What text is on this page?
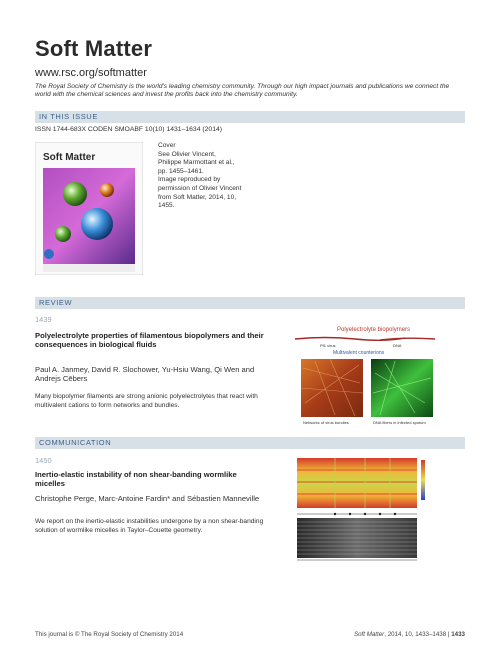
Soft Matter
www.rsc.org/softmatter
The Royal Society of Chemistry is the world's leading chemistry community. Through our high impact journals and publications we connect the world with the chemical sciences and invest the profits back into the chemistry community.
IN THIS ISSUE
ISSN 1744-683X CODEN SMOABF 10(10) 1431–1634 (2014)
Soft Matter
Cover
See Olivier Vincent,
Philippe Marmottant et al.,
pp. 1455–1461.
Image reproduced by
permission of Olivier Vincent
from Soft Matter, 2014, 10,
1455.
REVIEW
1439
Polyelectrolyte properties of filamentous biopolymers and their consequences in biological fluids
Paul A. Janmey, David R. Slochower, Yu-Hsiu Wang, Qi Wen and Andrejs Cēbers
Many biopolymer filaments are strong anionic polyelectrolytes that react with multivalent cations to form networks and bundles.
Polyelectrolyte biopolymers
Pf1 virus	DNA
Multivalent counterions
Networks of virus bundles	DNA fibers in infected sputum
COMMUNICATION
1450
Inertio-elastic instability of non shear-banding wormlike micelles
Christophe Perge, Marc-Antoine Fardin* and Sébastien Manneville
We report on the inertio-elastic instabilities undergone by a non shear-banding solution of wormlike micelles in Taylor–Couette geometry.
This journal is © The Royal Society of Chemistry 2014	Soft Matter, 2014, 10, 1433–1438 | 1433
